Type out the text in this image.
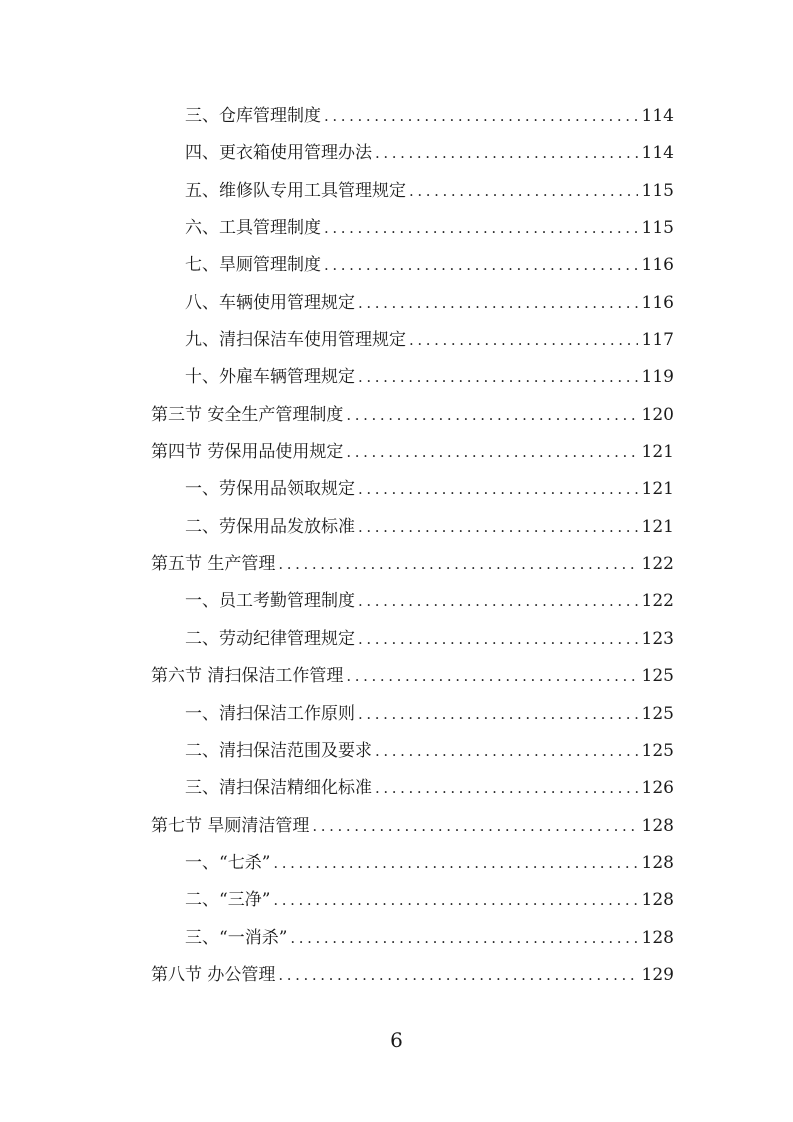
三、仓库管理制度 .....	114
四、更衣箱使用管理办法 .....	114
五、维修队专用工具管理规定 .....	115
六、工具管理制度 .....	115
七、旱厕管理制度 .....	116
八、车辆使用管理规定 .....	116
九、清扫保洁车使用管理规定 .....	117
十、外雇车辆管理规定 .....	119
第三节 安全生产管理制度 .....	120
第四节 劳保用品使用规定 .....	121
一、劳保用品领取规定 .....	121
二、劳保用品发放标准 .....	121
第五节 生产管理 .....	122
一、员工考勤管理制度 .....	122
二、劳动纪律管理规定 .....	123
第六节 清扫保洁工作管理 .....	125
一、清扫保洁工作原则 .....	125
二、清扫保洁范围及要求 .....	125
三、清扫保洁精细化标准 .....	126
第七节 旱厕清洁管理 .....	128
一、“七杀” .....	128
二、“三净” .....	128
三、“一消杀” .....	128
第八节 办公管理 .....	129
6
